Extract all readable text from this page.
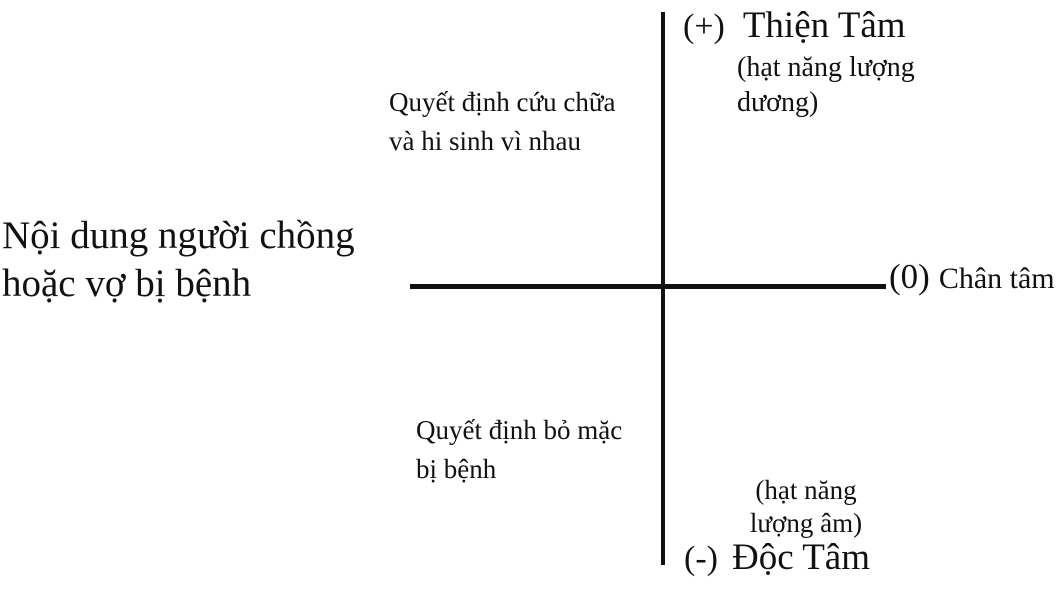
(+) Thiện Tâm
(hạt năng lượng
dương)
Quyết định cứu chữa
và hi sinh vì nhau
Nội dung người chồng
hoặc vợ bị bệnh	(0) Chân tâm
Quyết định bỏ mặc
bị bệnh
(hạt năng
lượng âm)
(-) Độc Tâm
